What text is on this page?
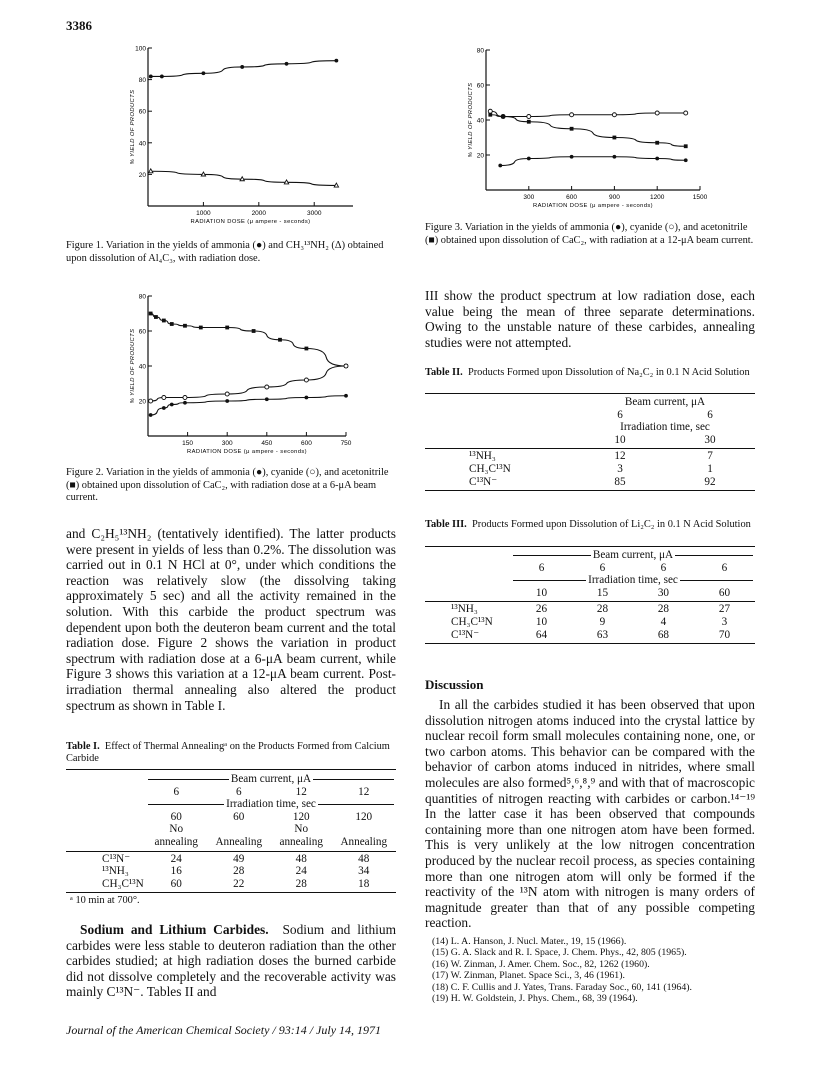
3386
100
80
60
40
20
1000	2000	3000
RADIATION DOSE (μ ampere - seconds)
% YIELD OF PRODUCTS
Figure 1. Variation in the yields of ammonia (●) and CH₃¹³NH₂ (Δ) obtained upon dissolution of Al₄C₃, with radiation dose.
80
60
40
20
150	300	450	600	750
RADIATION DOSE (μ ampere - seconds)
% YIELD OF PRODUCTS
Figure 2. Variation in the yields of ammonia (●), cyanide (○), and acetonitrile (■) obtained upon dissolution of CaC₂, with radiation dose at a 6-μA beam current.
80
60
40
20
300	600	900	1200	1500
RADIATION DOSE (μ ampere - seconds)
% YIELD OF PRODUCTS
Figure 3. Variation in the yields of ammonia (●), cyanide (○), and acetonitrile (■) obtained upon dissolution of CaC₂, with radiation at a 12-μA beam current.

and C₂H₅¹³NH₂ (tentatively identified). The latter products were present in yields of less than 0.2%. The dissolution was carried out in 0.1 N HCl at 0°, under which conditions the reaction was relatively slow (the dissolving taking approximately 5 sec) and all the activity remained in the solution. With this carbide the product spectrum was dependent upon both the deuteron beam current and the total radiation dose. Figure 2 shows the variation in product spectrum with radiation dose at a 6-μA beam current, while Figure 3 shows this variation at a 12-μA beam current. Post-irradiation thermal annealing also altered the product spectrum as shown in Table I.

Table I. Effect of Thermal Annealingᵃ on the Products Formed from Calcium Carbide

	Beam current, μA			

	6	6	12	12

	Irradiation time, sec			

	60	60	120	120
	No		No	
	annealing	Annealing	annealing	Annealing

C¹³N⁻	24	49	48	48
¹³NH₃	16	28	24	34
CH₃C¹³N	60	22	28	18
ᵃ 10 min at 700°.

Sodium and Lithium Carbides. Sodium and lithium carbides were less stable to deuteron radiation than the other carbides studied; at high radiation doses the burned carbide did not dissolve completely and the recoverable activity was mainly C¹³N⁻. Tables II and

III show the product spectrum at low radiation dose, each value being the mean of three separate determinations. Owing to the unstable nature of these carbides, annealing studies were not attempted.

Table II. Products Formed upon Dissolution of Na₂C₂ in 0.1 N Acid Solution
	Beam current, μA	
	6	6
	Irradiation time, sec	
	10	30

¹³NH₃	12	7
CH₃C¹³N	3	1
C¹³N⁻	85	92
Table III. Products Formed upon Dissolution of Li₂C₂ in 0.1 N Acid Solution

	Beam current, μA			

	6	6	6	6

	Irradiation time, sec			

	10	15	30	60

¹³NH₃	26	28	28	27
CH₃C¹³N	10	9	4	3
C¹³N⁻	64	63	68	70
Discussion

In all the carbides studied it has been observed that upon dissolution nitrogen atoms induced into the crystal lattice by nuclear recoil form small molecules containing none, one, or two carbon atoms. This behavior can be compared with the behavior of carbon atoms induced in nitrides, where small molecules are also formed⁵,⁶,⁸,⁹ and with that of macroscopic quantities of nitrogen reacting with carbides or carbon.¹⁴⁻¹⁹ In the latter case it has been observed that compounds containing more than one nitrogen atom have been formed. This is very unlikely at the low nitrogen concentration produced by the nuclear recoil process, as species containing more than one nitrogen atom will only be formed if the reactivity of the ¹³N atom with nitrogen is many orders of magnitude greater than that of any possible competing reaction.

(14) L. A. Hanson, J. Nucl. Mater., 19, 15 (1966).
(15) G. A. Slack and R. I. Space, J. Chem. Phys., 42, 805 (1965).
(16) W. Zinman, J. Amer. Chem. Soc., 82, 1262 (1960).
(17) W. Zinman, Planet. Space Sci., 3, 46 (1961).
(18) C. F. Cullis and J. Yates, Trans. Faraday Soc., 60, 141 (1964).
(19) H. W. Goldstein, J. Phys. Chem., 68, 39 (1964).
Journal of the American Chemical Society / 93:14 / July 14, 1971
